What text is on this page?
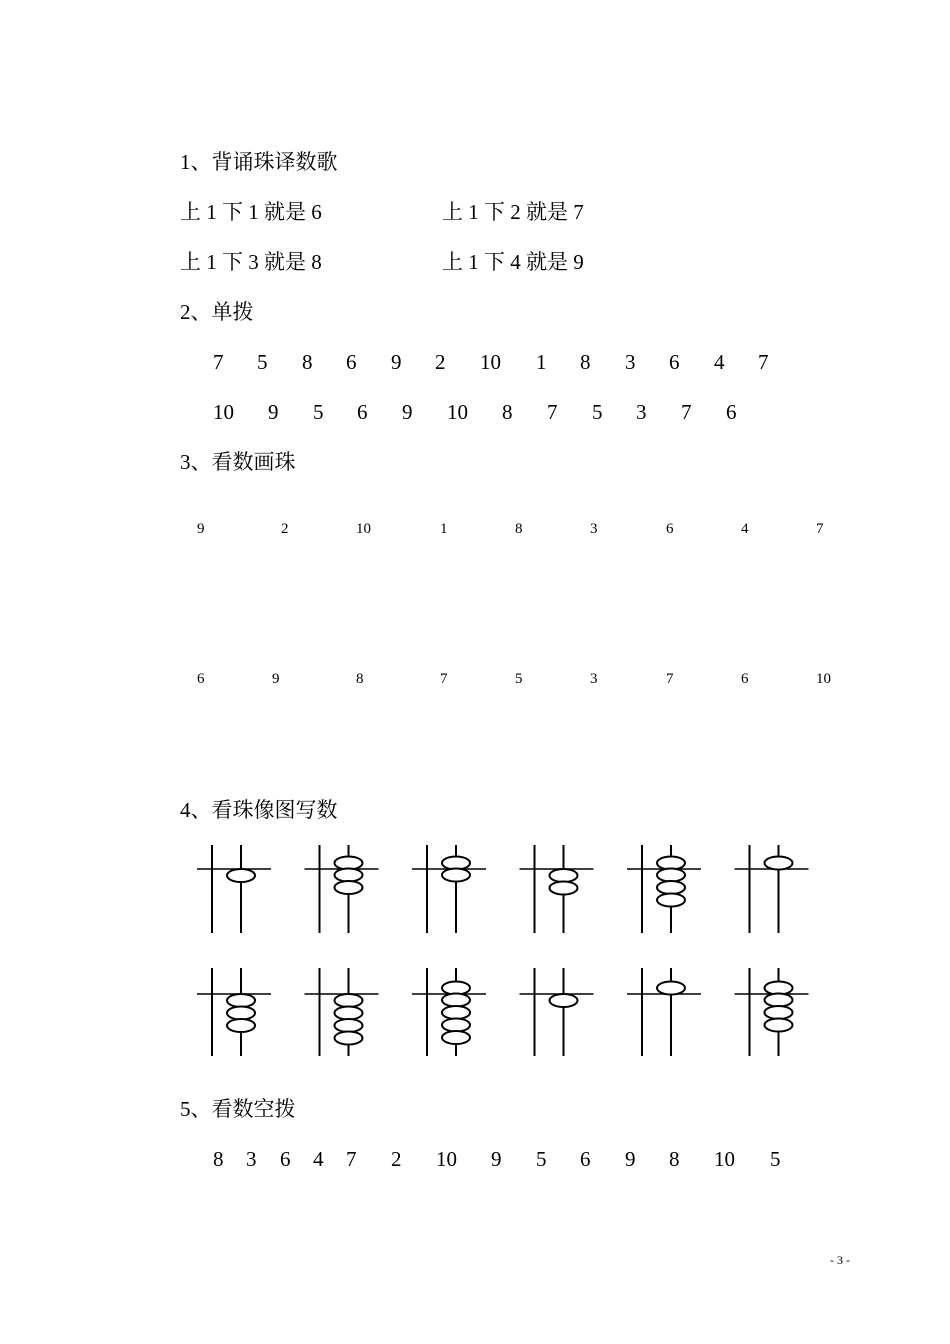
1、背诵珠译数歌
上 1 下 1 就是 6	上 1 下 2 就是 7
上 1 下 3 就是 8	上 1 下 4 就是 9
2、单拨
7 5 8 6 9 2 10 1 8 3 6 4 7
10 9 5 6 9 10 8 7 5 3 7 6
3、看数画珠
9	2	10	1	8	3	6	4	7
6	9	8	7	5	3	7	6	10
4、看珠像图写数
5、看数空拨
8 3 6 4 7 2 10 9 5 6 9 8 10 5
- 3 -
